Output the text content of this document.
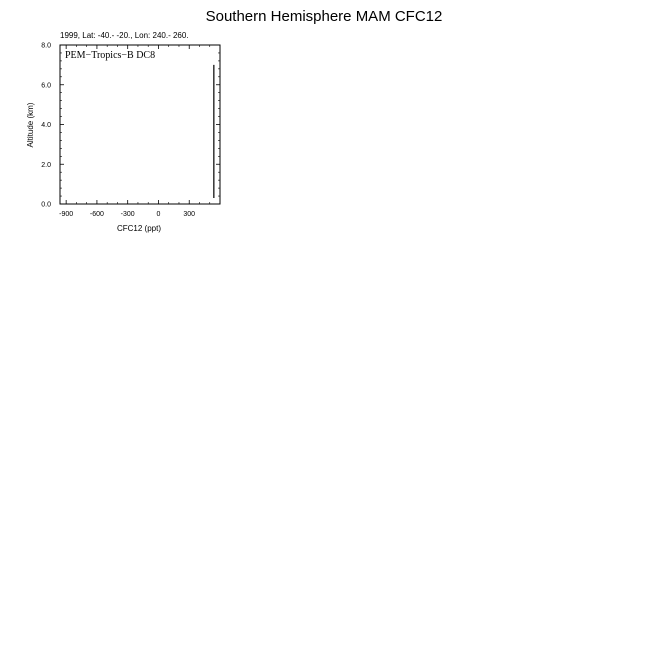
Southern Hemisphere MAM CFC12
1999, Lat: -40.- -20., Lon: 240.- 260.
-900 -600 -300	0	300
0.0
2.0
4.0
6.0
8.0
PEM−Tropics−B DC8
CFC12 (ppt)
Altitude (km)
